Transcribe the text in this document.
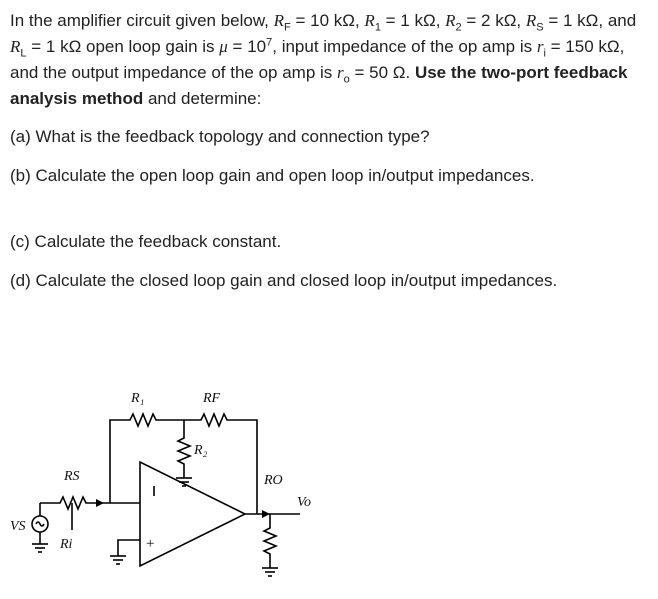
In the amplifier circuit given below, $R_F = 10$ kΩ, $R_1 = 1$ kΩ, $R_2 = 2$ kΩ, $R_S = 1$ kΩ, and $R_L = 1$ kΩ open loop gain is $\mu = 10^7$, input impedance of the op amp is $r_i = 150$ kΩ, and the output impedance of the op amp is $r_o = 50$ Ω. Use the two-port feedback analysis method and determine:

(a) What is the feedback topology and connection type?

(b) Calculate the open loop gain and open loop in/output impedances.

(c) Calculate the feedback constant.

(d) Calculate the closed loop gain and closed loop in/output impedances.

+
VS
RS
Ri
R₁	RF
R₂
RO
Vo
